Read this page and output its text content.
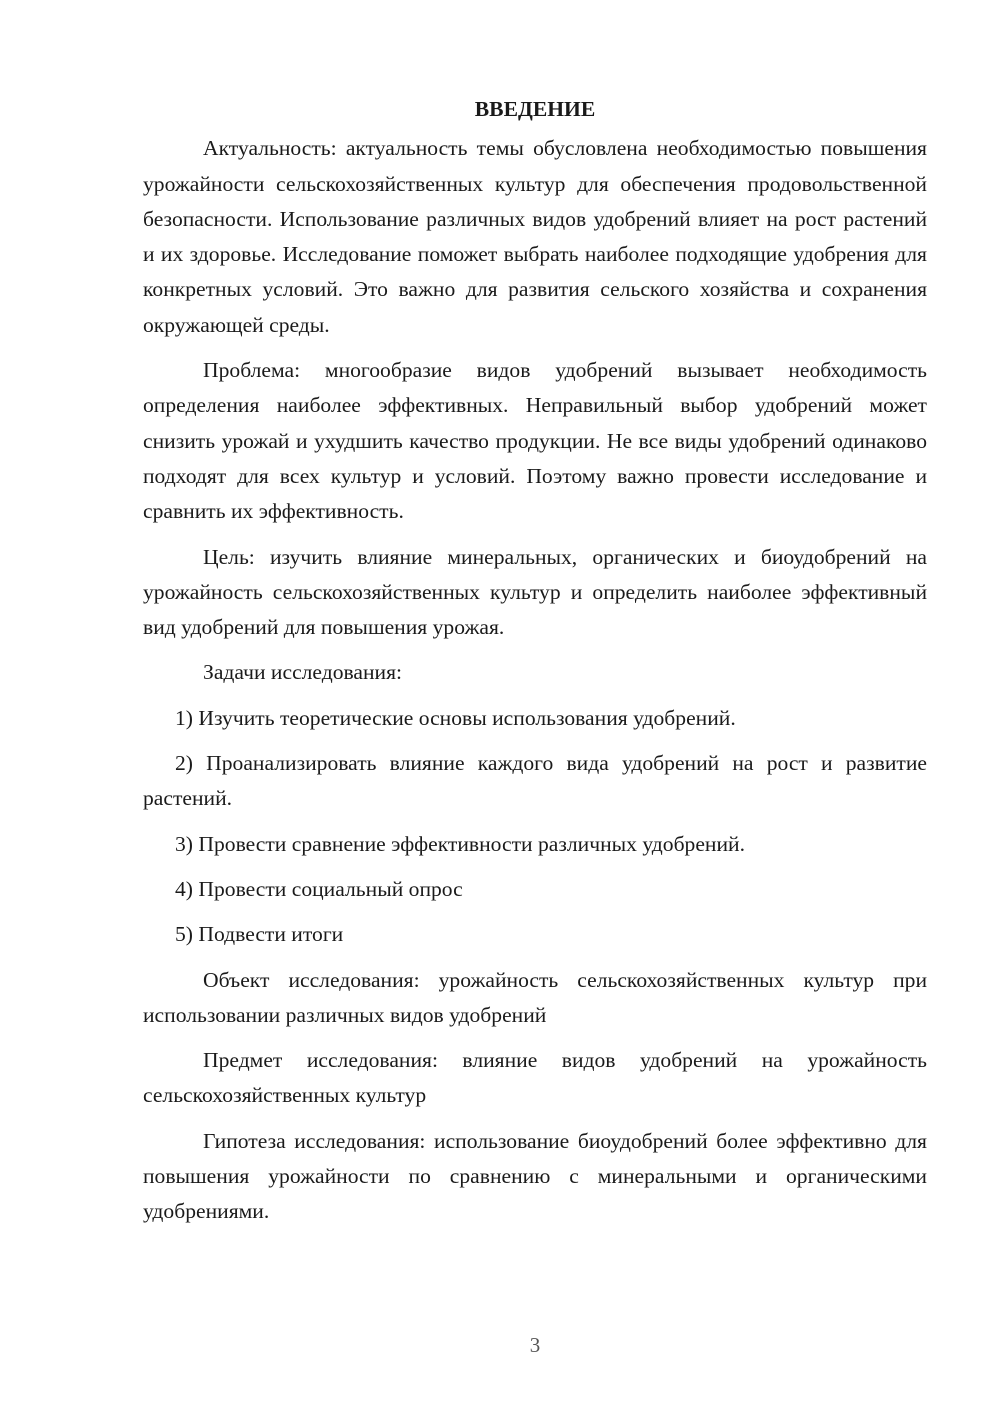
ВВЕДЕНИЕ

Актуальность: актуальность темы обусловлена необходимостью повышения урожайности сельскохозяйственных культур для обеспечения продовольственной безопасности. Использование различных видов удобрений влияет на рост растений и их здоровье. Исследование поможет выбрать наиболее подходящие удобрения для конкретных условий. Это важно для развития сельского хозяйства и сохранения окружающей среды.

Проблема: многообразие видов удобрений вызывает необходимость определения наиболее эффективных. Неправильный выбор удобрений может снизить урожай и ухудшить качество продукции. Не все виды удобрений одинаково подходят для всех культур и условий. Поэтому важно провести исследование и сравнить их эффективность.

Цель: изучить влияние минеральных, органических и биоудобрений на урожайность сельскохозяйственных культур и определить наиболее эффективный вид удобрений для повышения урожая.

Задачи исследования:

1) Изучить теоретические основы использования удобрений.

2) Проанализировать влияние каждого вида удобрений на рост и развитие растений.

3) Провести сравнение эффективности различных удобрений.

4) Провести социальный опрос

5) Подвести итоги

Объект исследования: урожайность сельскохозяйственных культур при использовании различных видов удобрений

Предмет исследования: влияние видов удобрений на урожайность сельскохозяйственных культур

Гипотеза исследования: использование биоудобрений более эффективно для повышения урожайности по сравнению с минеральными и органическими удобрениями.

3
